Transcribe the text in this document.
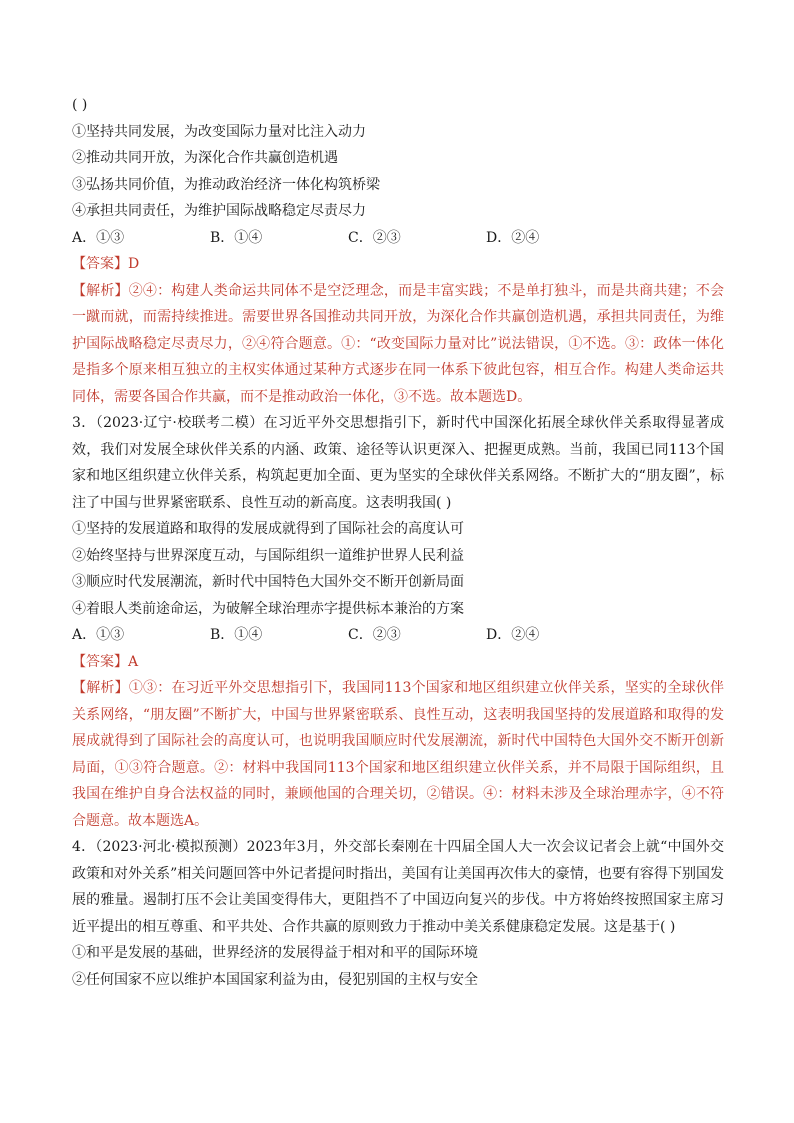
( )
①坚持共同发展，为改变国际力量对比注入动力
②推动共同开放，为深化合作共赢创造机遇
③弘扬共同价值，为推动政治经济一体化构筑桥梁
④承担共同责任，为维护国际战略稳定尽责尽力
A．①③	B．①④	C．②③	D．②④
【答案】D

【解析】②④：构建人类命运共同体不是空泛理念，而是丰富实践；不是单打独斗，而是共商共建；不会一蹴而就，而需持续推进。需要世界各国推动共同开放，为深化合作共赢创造机遇，承担共同责任，为维护国际战略稳定尽责尽力，②④符合题意。①：“改变国际力量对比”说法错误，①不选。③：政体一体化是指多个原来相互独立的主权实体通过某种方式逐步在同一体系下彼此包容，相互合作。构建人类命运共同体，需要各国合作共赢，而不是推动政治一体化，③不选。故本题选D。

3．（2023·辽宁·校联考二模）在习近平外交思想指引下，新时代中国深化拓展全球伙伴关系取得显著成效，我们对发展全球伙伴关系的内涵、政策、途径等认识更深入、把握更成熟。当前，我国已同113个国家和地区组织建立伙伴关系，构筑起更加全面、更为坚实的全球伙伴关系网络。不断扩大的“朋友圈”，标注了中国与世界紧密联系、良性互动的新高度。这表明我国( )

①坚持的发展道路和取得的发展成就得到了国际社会的高度认可
②始终坚持与世界深度互动，与国际组织一道维护世界人民利益
③顺应时代发展潮流，新时代中国特色大国外交不断开创新局面
④着眼人类前途命运，为破解全球治理赤字提供标本兼治的方案
A．①③	B．①④	C．②③	D．②④
【答案】A

【解析】①③：在习近平外交思想指引下，我国同113个国家和地区组织建立伙伴关系，坚实的全球伙伴关系网络，“朋友圈”不断扩大，中国与世界紧密联系、良性互动，这表明我国坚持的发展道路和取得的发展成就得到了国际社会的高度认可，也说明我国顺应时代发展潮流，新时代中国特色大国外交不断开创新局面，①③符合题意。②：材料中我国同113个国家和地区组织建立伙伴关系，并不局限于国际组织，且我国在维护自身合法权益的同时，兼顾他国的合理关切，②错误。④：材料未涉及全球治理赤字，④不符合题意。故本题选A。

4．（2023·河北·模拟预测）2023年3月，外交部长秦刚在十四届全国人大一次会议记者会上就“中国外交政策和对外关系”相关问题回答中外记者提问时指出，美国有让美国再次伟大的豪情，也要有容得下别国发展的雅量。遏制打压不会让美国变得伟大，更阻挡不了中国迈向复兴的步伐。中方将始终按照国家主席习近平提出的相互尊重、和平共处、合作共赢的原则致力于推动中美关系健康稳定发展。这是基于( )

①和平是发展的基础，世界经济的发展得益于相对和平的国际环境
②任何国家不应以维护本国国家利益为由，侵犯别国的主权与安全
